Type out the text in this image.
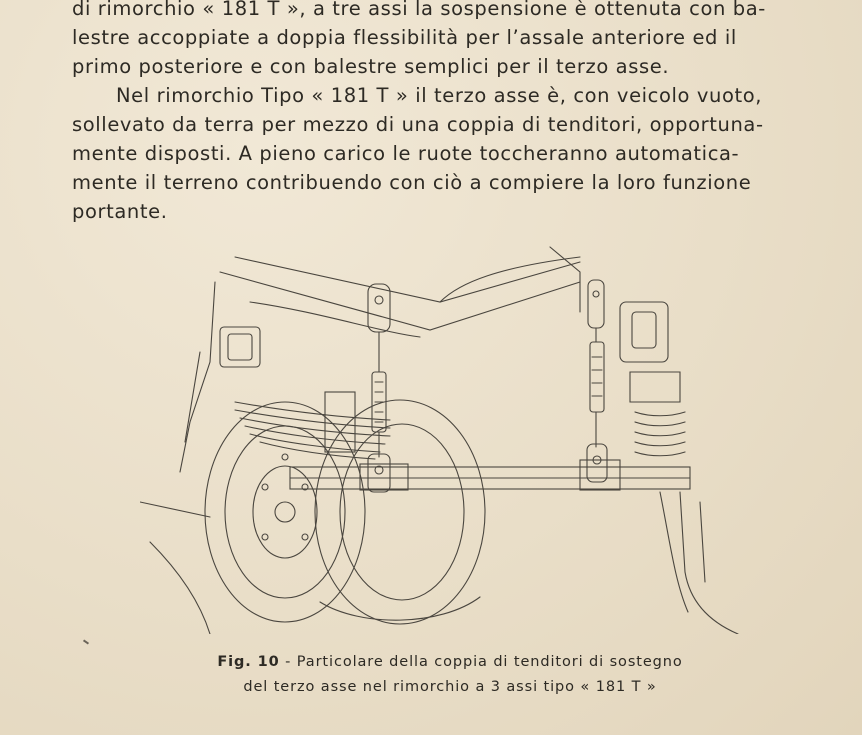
di rimorchio « 181 T », a tre assi la sospensione è ottenuta con ba-
lestre accoppiate a doppia flessibilità per l’assale anteriore ed il
primo posteriore e con balestre semplici per il terzo asse.
Nel rimorchio Tipo « 181 T » il terzo asse è, con veicolo vuoto,
sollevato da terra per mezzo di una coppia di tenditori, opportuna-
mente disposti. A pieno carico le ruote toccheranno automatica-
mente il terreno contribuendo con ciò a compiere la loro funzione
portante.
Fig. 10 - Particolare della coppia di tenditori di sostegno
del terzo asse nel rimorchio a 3 assi tipo « 181 T »
